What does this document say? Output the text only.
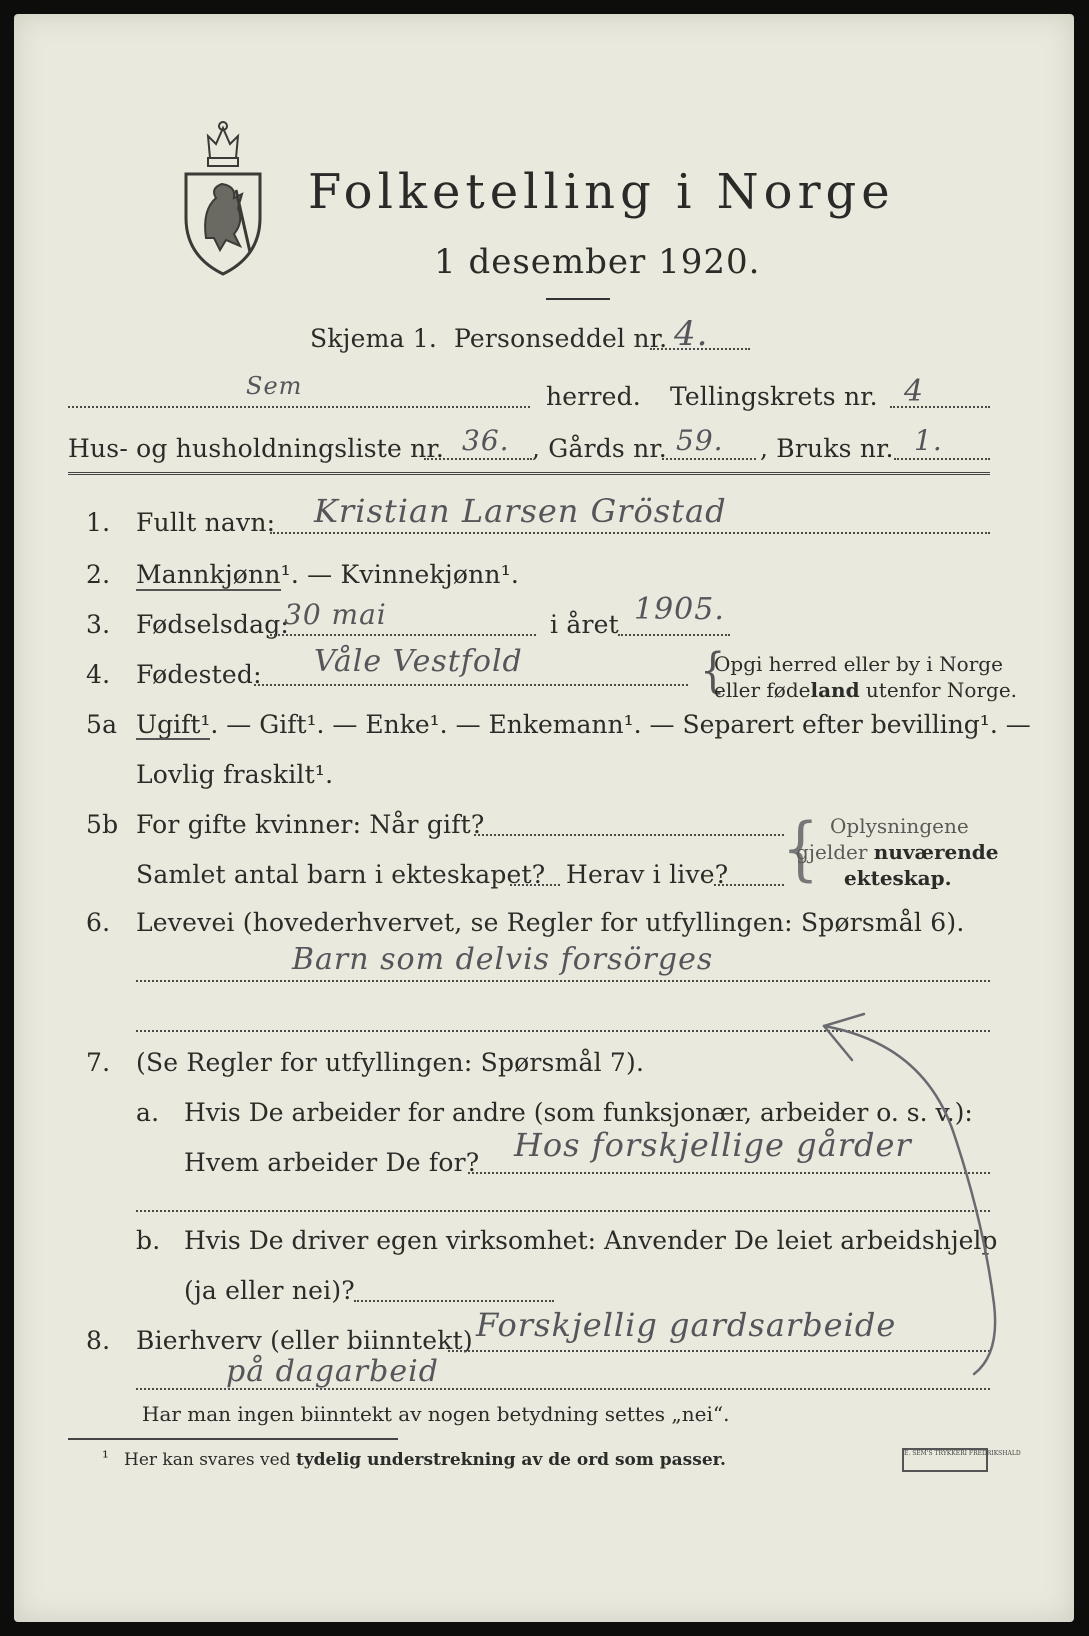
Folketelling i Norge
1 desember 1920.
Skjema 1. Personseddel nr. 4.
Sem	herred. Tellingskrets nr. 4
Hus- og husholdningsliste nr. 36. , Gårds nr. 59. , Bruks nr. 1.
1. Fullt navn: Kristian Larsen Gröstad
2. Mannkjønn¹. — Kvinnekjønn¹.
3. Fødselsdag:
30 mai	i året 1905.
4. Fødested: Våle Vestfold	{
Opgi herred eller by i Norge
eller fødeland utenfor Norge.
5a Ugift¹. — Gift¹. — Enke¹. — Enkemann¹. — Separert efter bevilling¹. —
Lovlig fraskilt¹.
5b For gifte kvinner: Når gift?
Samlet antal barn i ekteskapet? Herav i live? { Oplysningene
gjelder nuværende
ekteskap.
6. Levevei (hovederhvervet, se Regler for utfyllingen: Spørsmål 6).
Barn som delvis forsörges
7. (Se Regler for utfyllingen: Spørsmål 7).
a. Hvis De arbeider for andre (som funksjonær, arbeider o. s. v.):
Hvem arbeider De for? Hos forskjellige gårder
b. Hvis De driver egen virksomhet: Anvender De leiet arbeidshjelp
(ja eller nei)?
8. Bierhverv (eller biinntekt) Forskjellig gardsarbeide
på dagarbeid
Har man ingen biinntekt av nogen betydning settes „nei“.
¹ Her kan svares ved tydelig understrekning av de ord som passer.	E. SEM'S TRYKKERI FREDRIKSHALD
